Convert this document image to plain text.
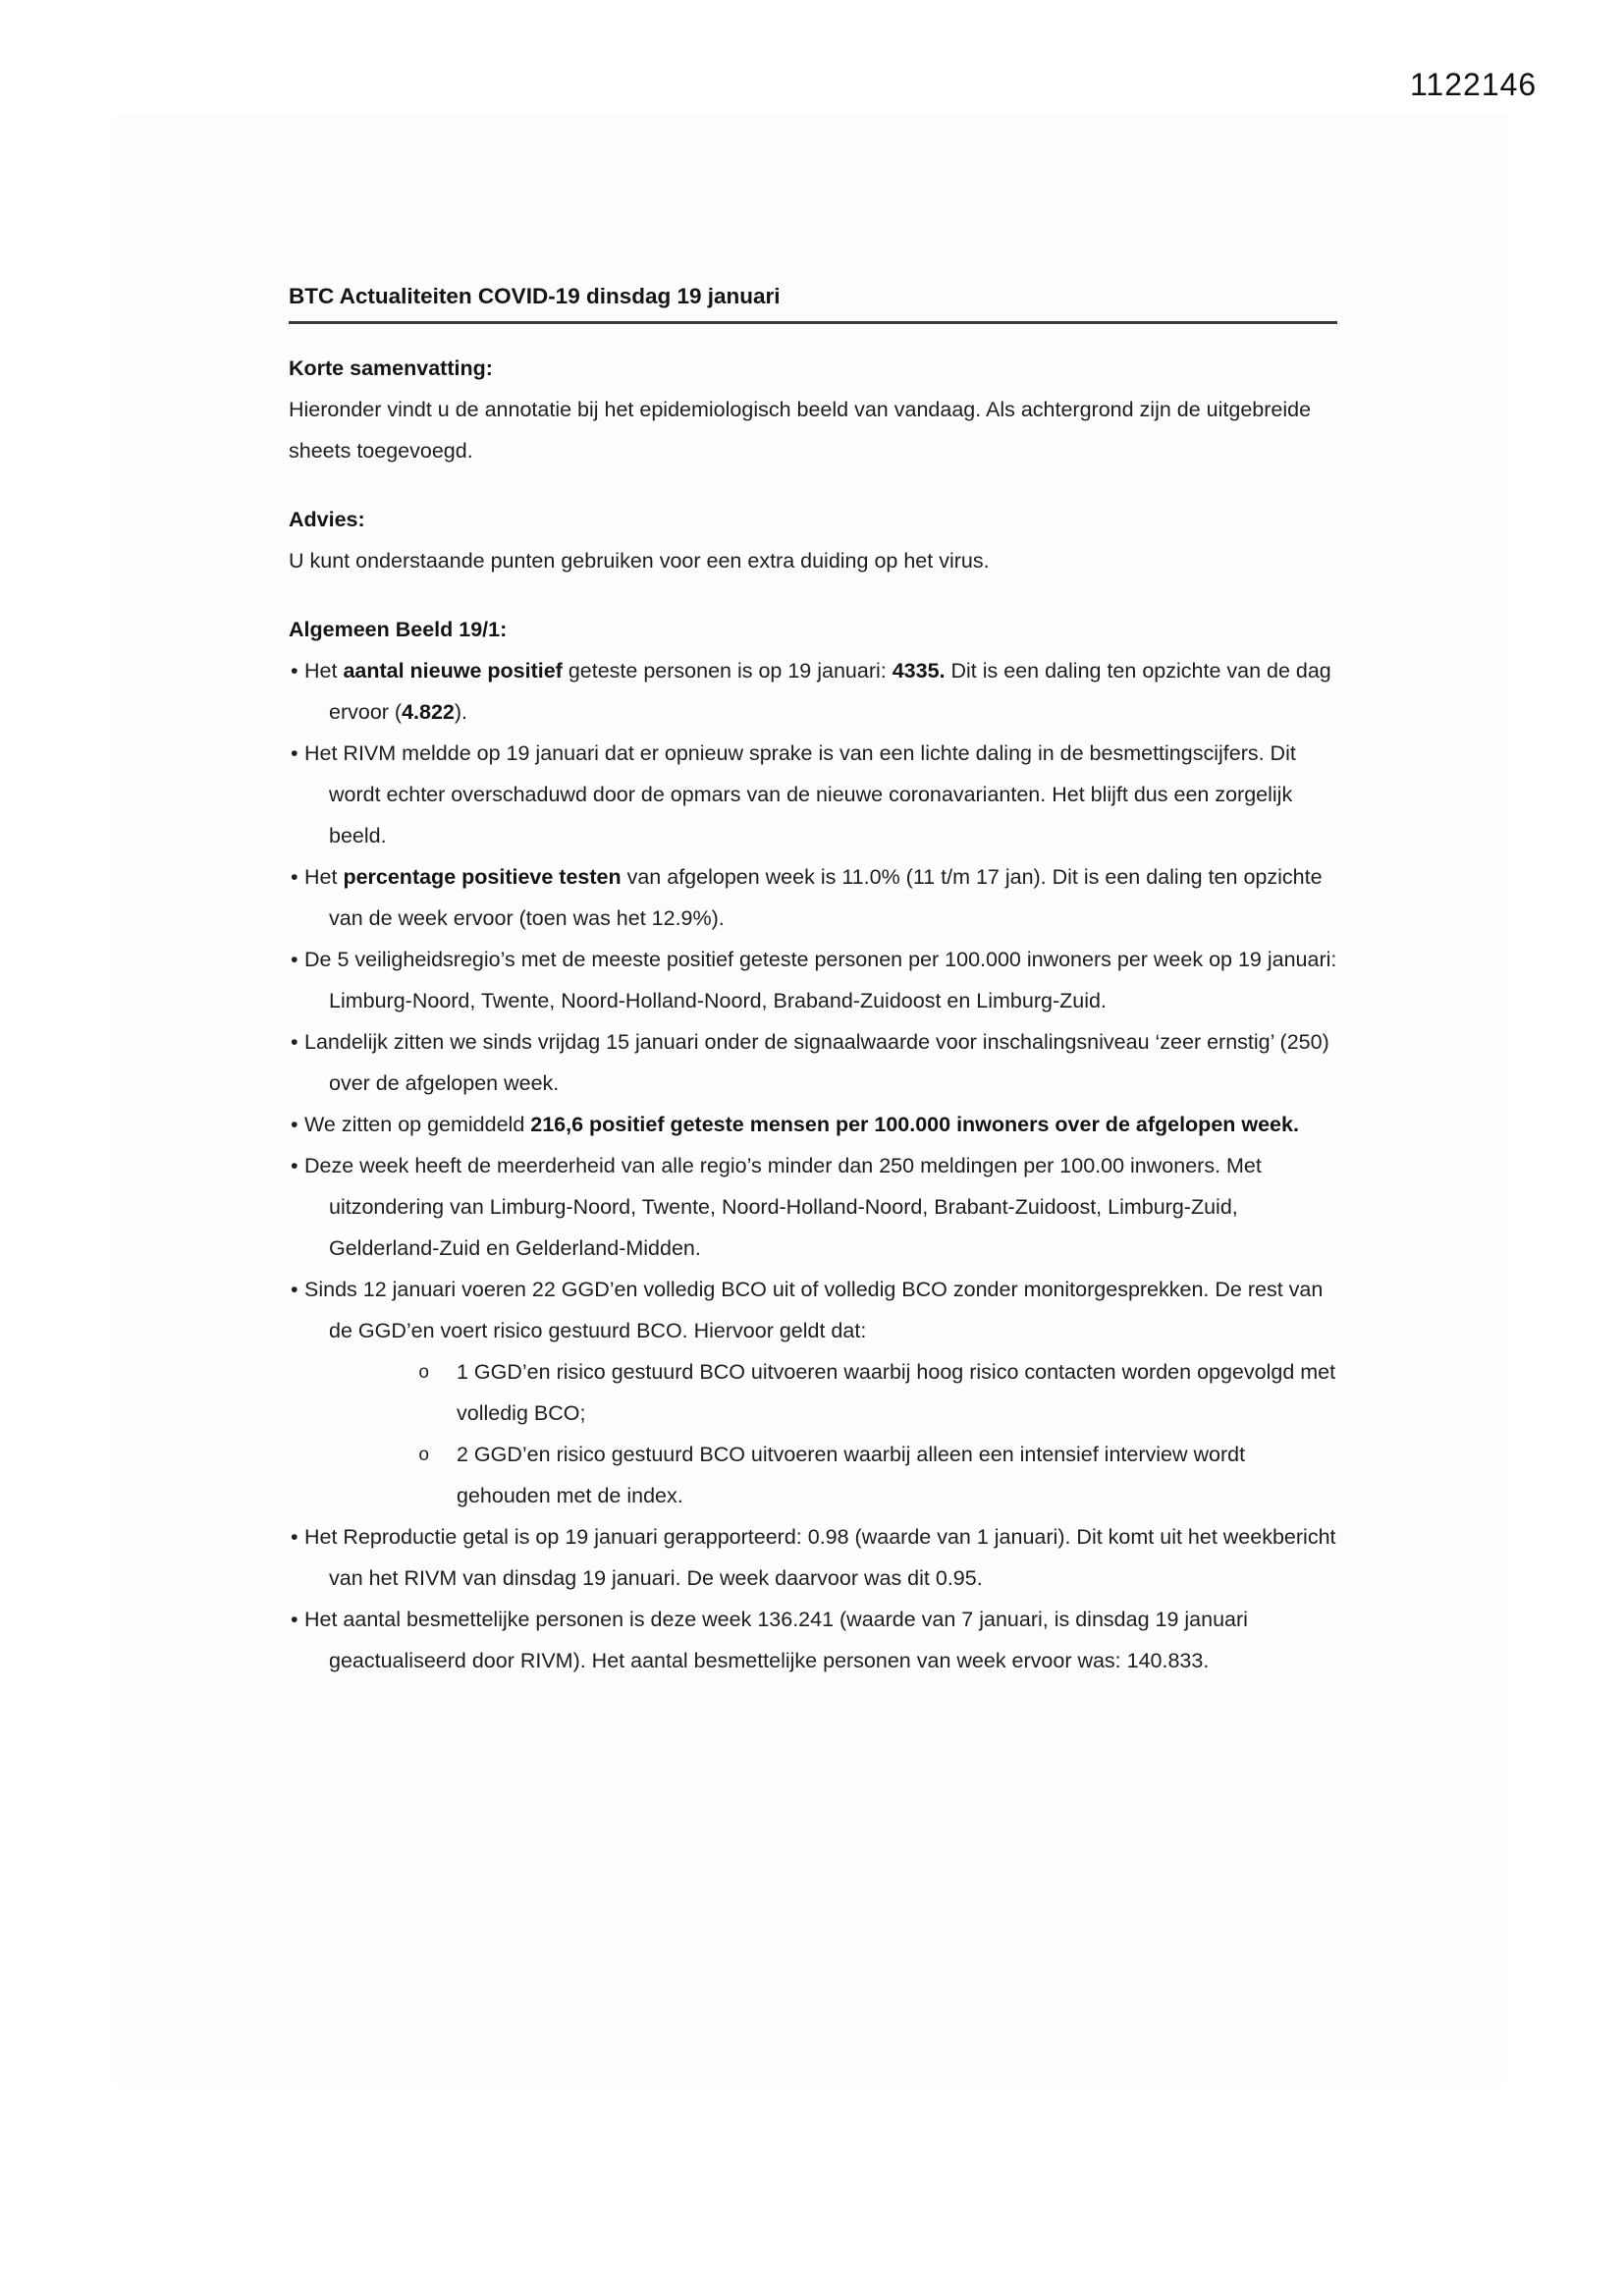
1122146
BTC Actualiteiten COVID-19 dinsdag 19 januari
Korte samenvatting:
Hieronder vindt u de annotatie bij het epidemiologisch beeld van vandaag. Als achtergrond zijn de uitgebreide sheets toegevoegd.
Advies:
U kunt onderstaande punten gebruiken voor een extra duiding op het virus.
Algemeen Beeld 19/1:
• Het aantal nieuwe positief geteste personen is op 19 januari: 4335. Dit is een daling ten opzichte van de dag ervoor (4.822).
• Het RIVM meldde op 19 januari dat er opnieuw sprake is van een lichte daling in de besmettingscijfers. Dit wordt echter overschaduwd door de opmars van de nieuwe coronavarianten. Het blijft dus een zorgelijk beeld.
• Het percentage positieve testen van afgelopen week is 11.0% (11 t/m 17 jan). Dit is een daling ten opzichte van de week ervoor (toen was het 12.9%).
• De 5 veiligheidsregio’s met de meeste positief geteste personen per 100.000 inwoners per week op 19 januari: Limburg-Noord, Twente, Noord-Holland-Noord, Braband-Zuidoost en Limburg-Zuid.
• Landelijk zitten we sinds vrijdag 15 januari onder de signaalwaarde voor inschalingsniveau ‘zeer ernstig’ (250) over de afgelopen week.
• We zitten op gemiddeld 216,6 positief geteste mensen per 100.000 inwoners over de afgelopen week.
• Deze week heeft de meerderheid van alle regio’s minder dan 250 meldingen per 100.00 inwoners. Met uitzondering van Limburg-Noord, Twente, Noord-Holland-Noord, Brabant-Zuidoost, Limburg-Zuid, Gelderland-Zuid en Gelderland-Midden.
• Sinds 12 januari voeren 22 GGD’en volledig BCO uit of volledig BCO zonder monitorgesprekken. De rest van de GGD’en voert risico gestuurd BCO. Hiervoor geldt dat:
o 1 GGD’en risico gestuurd BCO uitvoeren waarbij hoog risico contacten worden opgevolgd met volledig BCO;
o 2 GGD’en risico gestuurd BCO uitvoeren waarbij alleen een intensief interview wordt gehouden met de index.
• Het Reproductie getal is op 19 januari gerapporteerd: 0.98 (waarde van 1 januari). Dit komt uit het weekbericht van het RIVM van dinsdag 19 januari. De week daarvoor was dit 0.95.
• Het aantal besmettelijke personen is deze week 136.241 (waarde van 7 januari, is dinsdag 19 januari geactualiseerd door RIVM). Het aantal besmettelijke personen van week ervoor was: 140.833.
